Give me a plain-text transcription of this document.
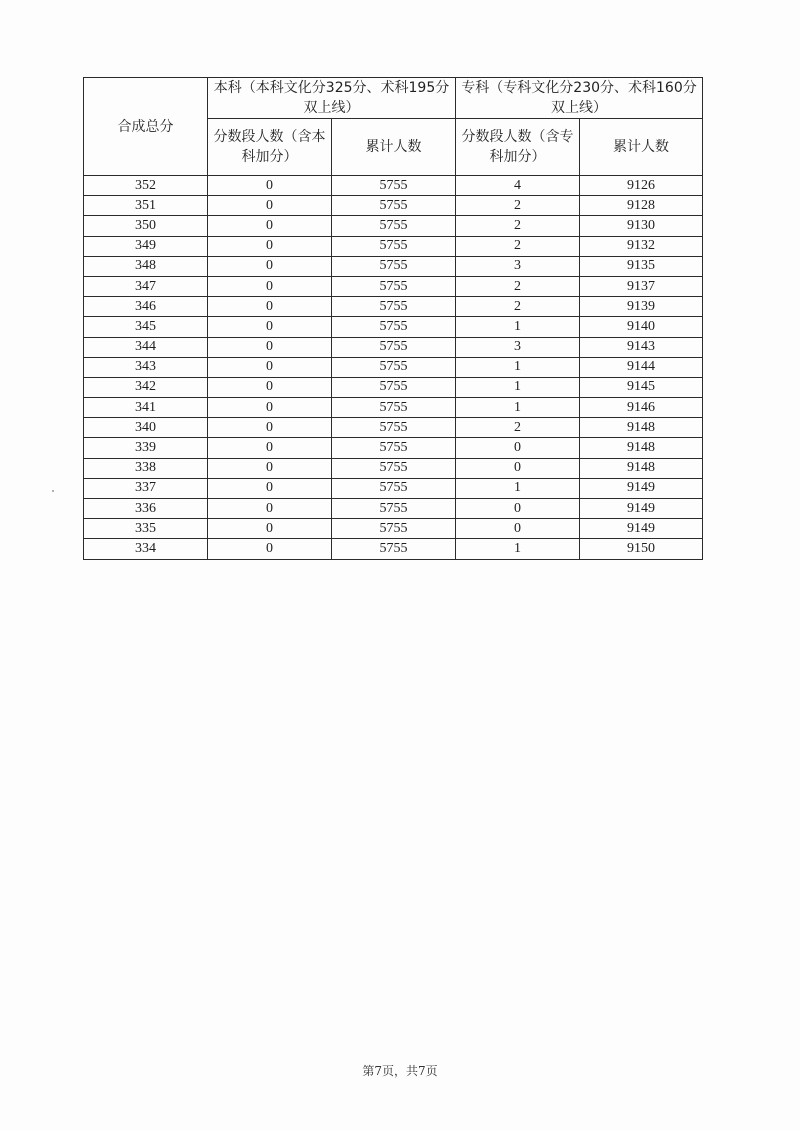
合成总分	本科（本科文化分325分、术科195分双上线）		专科（专科文化分230分、术科160分双上线）	
	分数段人数（含本科加分）	累计人数	分数段人数（含专科加分）	累计人数
352	0	5755	4	9126
351	0	5755	2	9128
350	0	5755	2	9130
349	0	5755	2	9132
348	0	5755	3	9135
347	0	5755	2	9137
346	0	5755	2	9139
345	0	5755	1	9140
344	0	5755	3	9143
343	0	5755	1	9144
342	0	5755	1	9145
341	0	5755	1	9146
340	0	5755	2	9148
339	0	5755	0	9148
338	0	5755	0	9148
337	0	5755	1	9149
336	0	5755	0	9149
335	0	5755	0	9149
334	0	5755	1	9150
第7页，共7页
